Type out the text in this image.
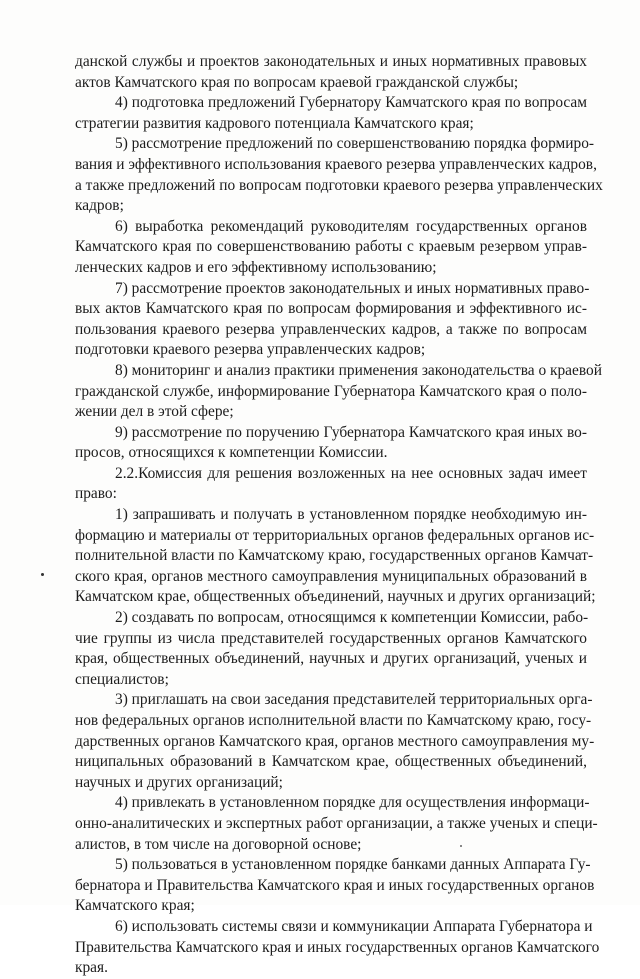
данской службы и проектов законодательных и иных нормативных правовых
актов Камчатского края по вопросам краевой гражданской службы;

4) подготовка предложений Губернатору Камчатского края по вопросам
стратегии развития кадрового потенциала Камчатского края;

5) рассмотрение предложений по совершенствованию порядка формиро-
вания и эффективного использования краевого резерва управленческих кадров,
а также предложений по вопросам подготовки краевого резерва управленческих
кадров;

6) выработка рекомендаций руководителям государственных органов
Камчатского края по совершенствованию работы с краевым резервом управ-
ленческих кадров и его эффективному использованию;

7) рассмотрение проектов законодательных и иных нормативных право-
вых актов Камчатского края по вопросам формирования и эффективного ис-
пользования краевого резерва управленческих кадров, а также по вопросам
подготовки краевого резерва управленческих кадров;

8) мониторинг и анализ практики применения законодательства о краевой
гражданской службе, информирование Губернатора Камчатского края о поло-
жении дел в этой сфере;

9) рассмотрение по поручению Губернатора Камчатского края иных во-
просов, относящихся к компетенции Комиссии.

2.2.Комиссия для решения возложенных на нее основных задач имеет
право:

1) запрашивать и получать в установленном порядке необходимую ин-
формацию и материалы от территориальных органов федеральных органов ис-
полнительной власти по Камчатскому краю, государственных органов Камчат-
ского края, органов местного самоуправления муниципальных образований в
Камчатском крае, общественных объединений, научных и других организаций;

2) создавать по вопросам, относящимся к компетенции Комиссии, рабо-
чие группы из числа представителей государственных органов Камчатского
края, общественных объединений, научных и других организаций, ученых и
специалистов;

3) приглашать на свои заседания представителей территориальных орга-
нов федеральных органов исполнительной власти по Камчатскому краю, госу-
дарственных органов Камчатского края, органов местного самоуправления му-
ниципальных образований в Камчатском крае, общественных объединений,
научных и других организаций;

4) привлекать в установленном порядке для осуществления информаци-
онно-аналитических и экспертных работ организации, а также ученых и специ-
алистов, в том числе на договорной основе;

5) пользоваться в установленном порядке банками данных Аппарата Гу-
бернатора и Правительства Камчатского края и иных государственных органов
Камчатского края;

6) использовать системы связи и коммуникации Аппарата Губернатора и
Правительства Камчатского края и иных государственных органов Камчатского
края.
